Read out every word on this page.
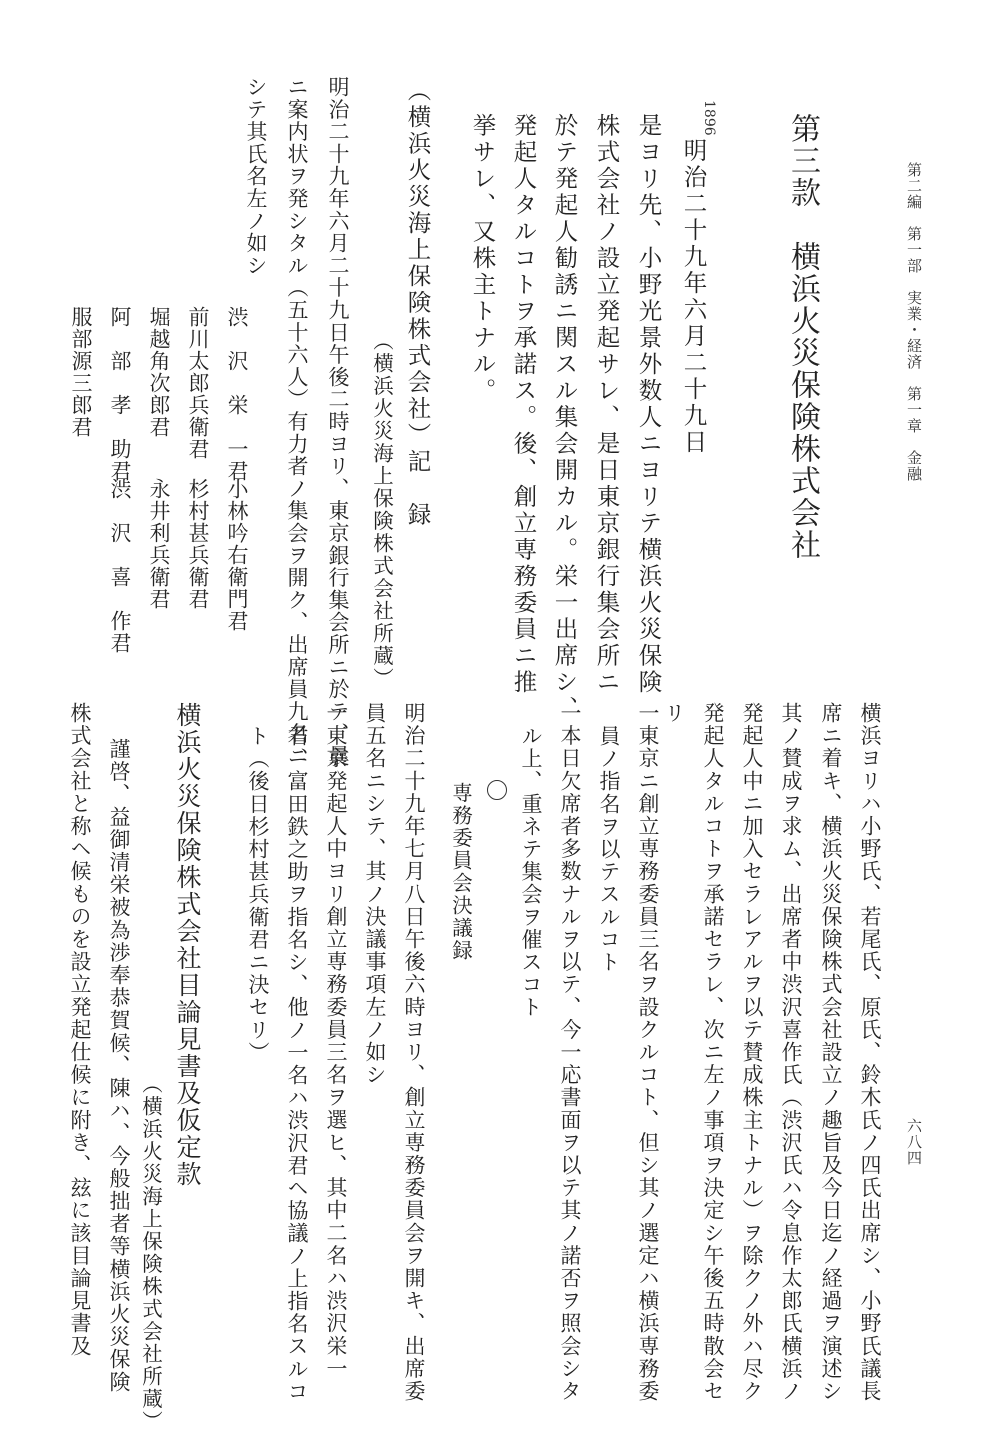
第二編　第一部　実業・経済　第一章　金融
六八四
第三款　横浜火災保険株式会社
1896
明治二十九年六月二十九日
是ヨリ先、小野光景外数人ニヨリテ横浜火災保険
株式会社ノ設立発起サレ、是日東京銀行集会所ニ
於テ発起人勧誘ニ関スル集会開カル。栄一出席シ、
発起人タルコトヲ承諾ス。後、創立専務委員ニ推
挙サレ、又株主トナル。
（横浜火災海上保険株式会社）記　録
（横浜火災海上保険株式会社所蔵）
明治二十九年六月二十九日午後二時ヨリ、東京銀行集会所ニ於テ、曩
ニ案内状ヲ発シタル（五十六人）有力者ノ集会ヲ開ク、出席員九名ニ
シテ其氏名左ノ如シ
渋　沢　栄　一君
小林吟右衛門君
前川太郎兵衛君
杉村甚兵衛君
堀越角次郎君
永井利兵衛君
阿　部　孝　助君
渋　沢　喜　作君
服部源三郎君
横浜ヨリハ小野氏、若尾氏、原氏、鈴木氏ノ四氏出席シ、小野氏議長
席ニ着キ、横浜火災保険株式会社設立ノ趣旨及今日迄ノ経過ヲ演述シ
其ノ賛成ヲ求ム、出席者中渋沢喜作氏（渋沢氏ハ令息作太郎氏横浜ノ
発起人中ニ加入セラレアルヲ以テ賛成株主トナル）ヲ除クノ外ハ尽ク
発起人タルコトヲ承諾セラレ、次ニ左ノ事項ヲ決定シ午後五時散会セ
リ
一東京ニ創立専務委員三名ヲ設クルコト、但シ其ノ選定ハ横浜専務委
員ノ指名ヲ以テスルコト
一本日欠席者多数ナルヲ以テ、今一応書面ヲ以テ其ノ諾否ヲ照会シタ
ル上、重ネテ集会ヲ催スコト
専務委員会決議録
明治二十九年七月八日午後六時ヨリ、創立専務委員会ヲ開キ、出席委
員五名ニシテ、其ノ決議事項左ノ如シ
一東京発起人中ヨリ創立専務委員三名ヲ選ヒ、其中二名ハ渋沢栄一
君、富田鉄之助ヲ指名シ、他ノ一名ハ渋沢君ヘ協議ノ上指名スルコ
ト（後日杉村甚兵衛君ニ決セリ）
横浜火災保険株式会社目論見書及仮定款
（横浜火災海上保険株式会社所蔵）
謹啓、益御清栄被為渉奉恭賀候、陳ハ、今般拙者等横浜火災保険
株式会社と称ヘ候ものを設立発起仕候に附き、玆に該目論見書及
